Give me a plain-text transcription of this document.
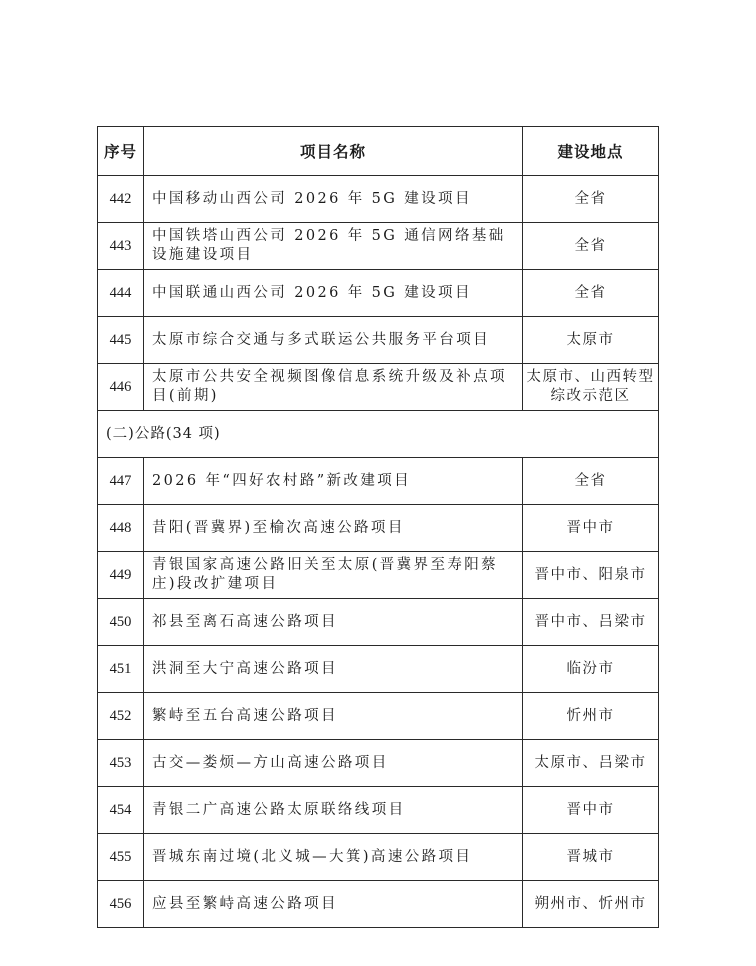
序号	项目名称	建设地点
442	中国移动山西公司 2026 年 5G 建设项目	全省
443	中国铁塔山西公司 2026 年 5G 通信网络基础设施建设项目	全省
444	中国联通山西公司 2026 年 5G 建设项目	全省
445	太原市综合交通与多式联运公共服务平台项目	太原市
446	太原市公共安全视频图像信息系统升级及补点项目(前期)	太原市、山西转型综改示范区
(二)公路(34 项)		
447	2026 年“四好农村路”新改建项目	全省
448	昔阳(晋冀界)至榆次高速公路项目	晋中市
449	青银国家高速公路旧关至太原(晋冀界至寿阳蔡庄)段改扩建项目	晋中市、阳泉市
450	祁县至离石高速公路项目	晋中市、吕梁市
451	洪洞至大宁高速公路项目	临汾市
452	繁峙至五台高速公路项目	忻州市
453	古交—娄烦—方山高速公路项目	太原市、吕梁市
454	青银二广高速公路太原联络线项目	晋中市
455	晋城东南过境(北义城—大箕)高速公路项目	晋城市
456	应县至繁峙高速公路项目	朔州市、忻州市
